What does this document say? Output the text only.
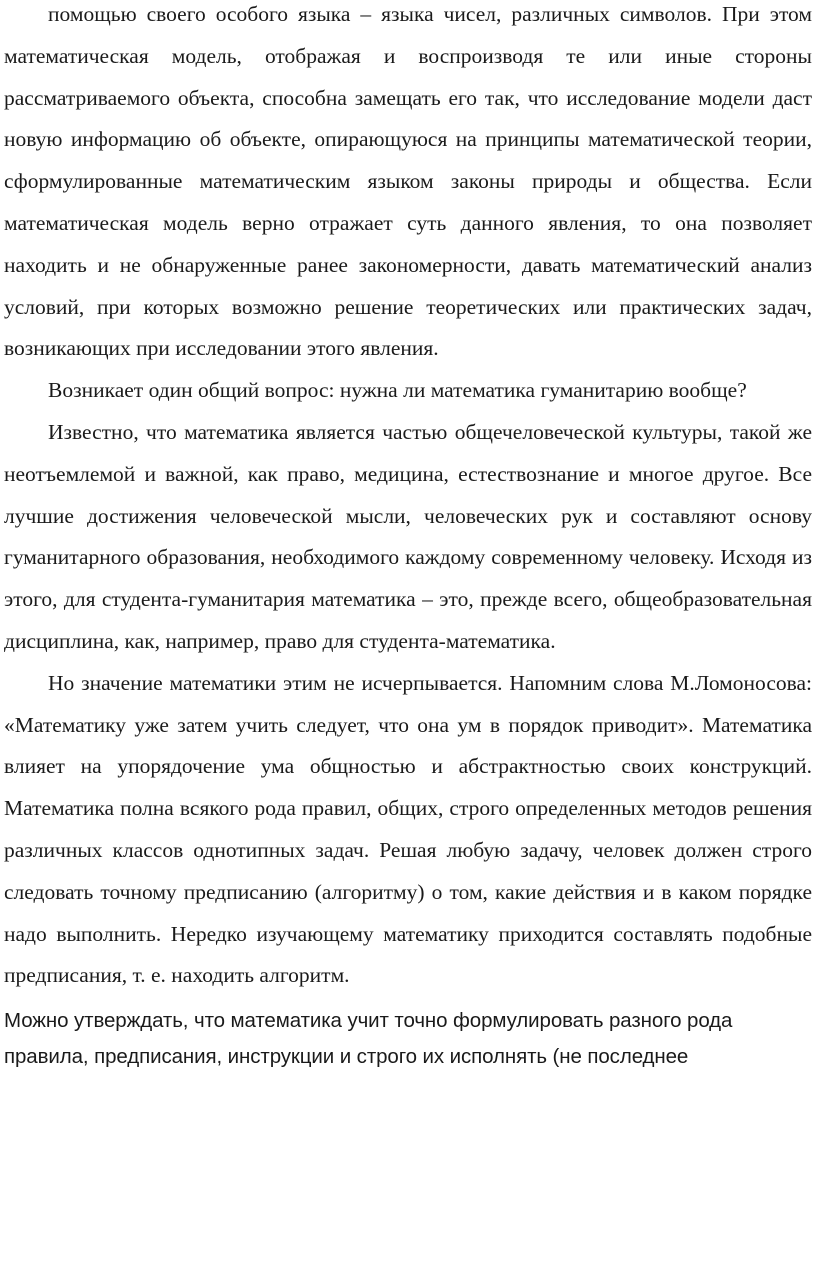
помощью своего особого языка – языка чисел, различных символов. При этом математическая модель, отображая и воспроизводя те или иные стороны рассматриваемого объекта, способна замещать его так, что исследование модели даст новую информацию об объекте, опирающуюся на принципы математической теории, сформулированные математическим языком законы природы и общества. Если математическая модель верно отражает суть данного явления, то она позволяет находить и не обнаруженные ранее закономерности, давать математический анализ условий, при которых возможно решение теоретических или практических задач, возникающих при исследовании этого явления.

Возникает один общий вопрос: нужна ли математика гуманитарию вообще?

Известно, что математика является частью общечеловеческой культуры, такой же неотъемлемой и важной, как право, медицина, естествознание и многое другое. Все лучшие достижения человеческой мысли, человеческих рук и составляют основу гуманитарного образования, необходимого каждому современному человеку. Исходя из этого, для студента-гуманитария математика – это, прежде всего, общеобразовательная дисциплина, как, например, право для студента-математика.

Но значение математики этим не исчерпывается. Напомним слова М.Ломоносова: «Математику уже затем учить следует, что она ум в порядок приводит». Математика влияет на упорядочение ума общностью и абстрактностью своих конструкций. Математика полна всякого рода правил, общих, строго определенных методов решения различных классов однотипных задач. Решая любую задачу, человек должен строго следовать точному предписанию (алгоритму) о том, какие действия и в каком порядке надо выполнить. Нередко изучающему математику приходится составлять подобные предписания, т. е. находить алгоритм.

Можно утверждать, что математика учит точно формулировать разного рода правила, предписания, инструкции и строго их исполнять (не последнее
